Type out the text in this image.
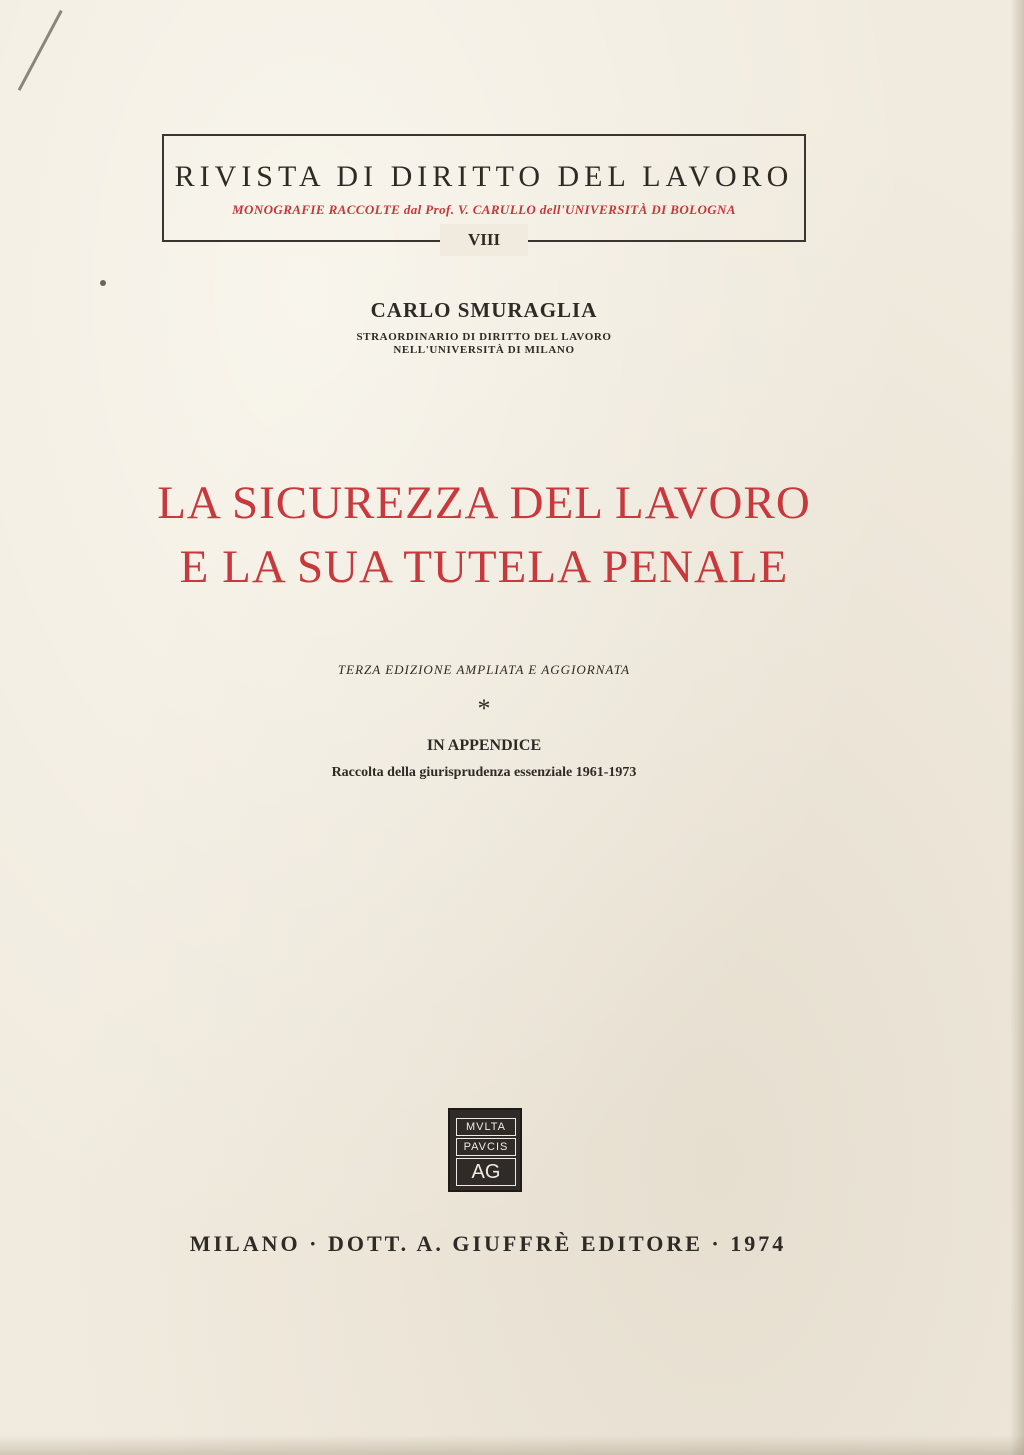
RIVISTA DI DIRITTO DEL LAVORO
MONOGRAFIE RACCOLTE dal Prof. V. CARULLO dell'UNIVERSITÀ DI BOLOGNA
VIII
CARLO SMURAGLIA
STRAORDINARIO DI DIRITTO DEL LAVORO
NELL'UNIVERSITÀ DI MILANO
LA SICUREZZA DEL LAVORO
E LA SUA TUTELA PENALE
TERZA EDIZIONE AMPLIATA E AGGIORNATA
*
IN APPENDICE
Raccolta della giurisprudenza essenziale 1961-1973
MVLTA
PAVCIS
AG
MILANO · DOTT. A. GIUFFRÈ EDITORE · 1974
